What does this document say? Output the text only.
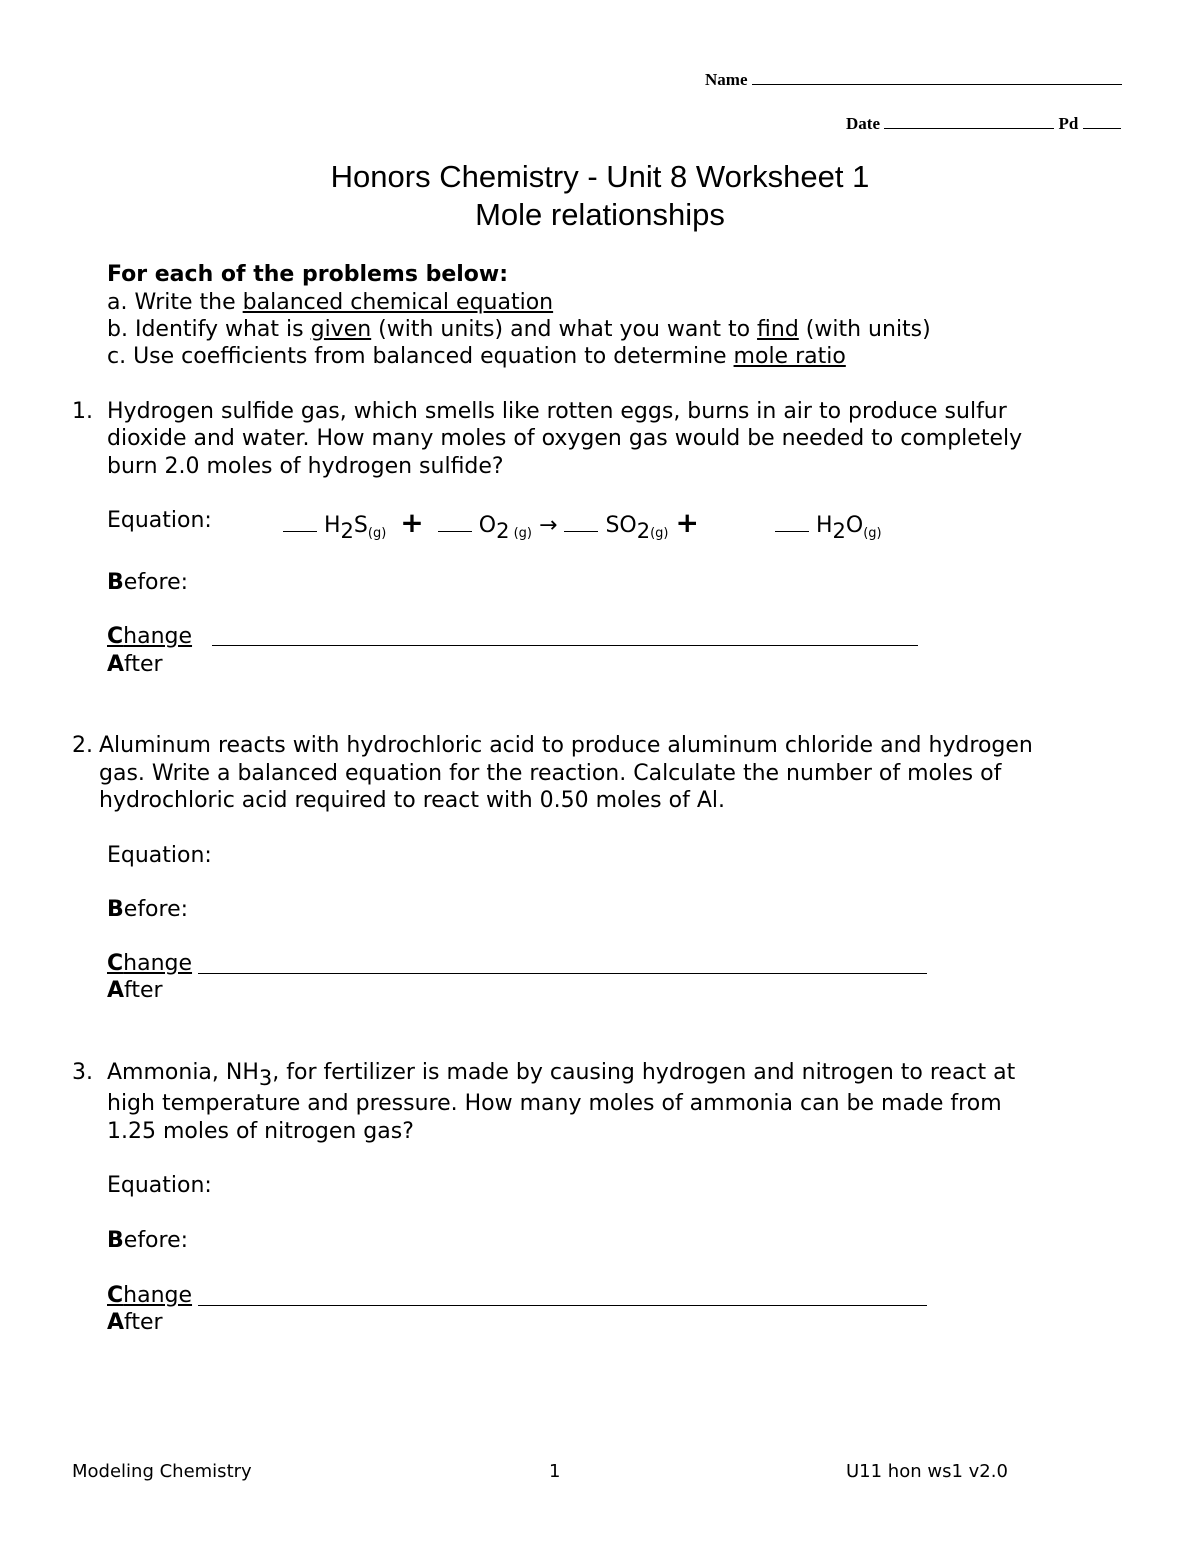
Name
Date	Pd
Honors Chemistry - Unit 8 Worksheet 1
Mole relationships
For each of the problems below:
a. Write the balanced chemical equation
b. Identify what is given (with units) and what you want to find (with units)
c. Use coefficients from balanced equation to determine mole ratio
1. Hydrogen sulfide gas, which smells like rotten eggs, burns in air to produce sulfur
dioxide and water. How many moles of oxygen gas would be needed to completely
burn 2.0 moles of hydrogen sulfide?
Equation:	$H2S_{(g)}$ +	O2 $_{(g)} \to SO2_{(g)}$ +	$H2O_{(g)}$
Before:
Change
After
2. Aluminum reacts with hydrochloric acid to produce aluminum chloride and hydrogen
gas. Write a balanced equation for the reaction. Calculate the number of moles of
hydrochloric acid required to react with 0.50 moles of Al.
Equation:
Before:
Change
After
3. Ammonia, NH3, for fertilizer is made by causing hydrogen and nitrogen to react at
high temperature and pressure. How many moles of ammonia can be made from
1.25 moles of nitrogen gas?
Equation:
Before:
Change
After
Modeling Chemistry	1	U11 hon ws1 v2.0
